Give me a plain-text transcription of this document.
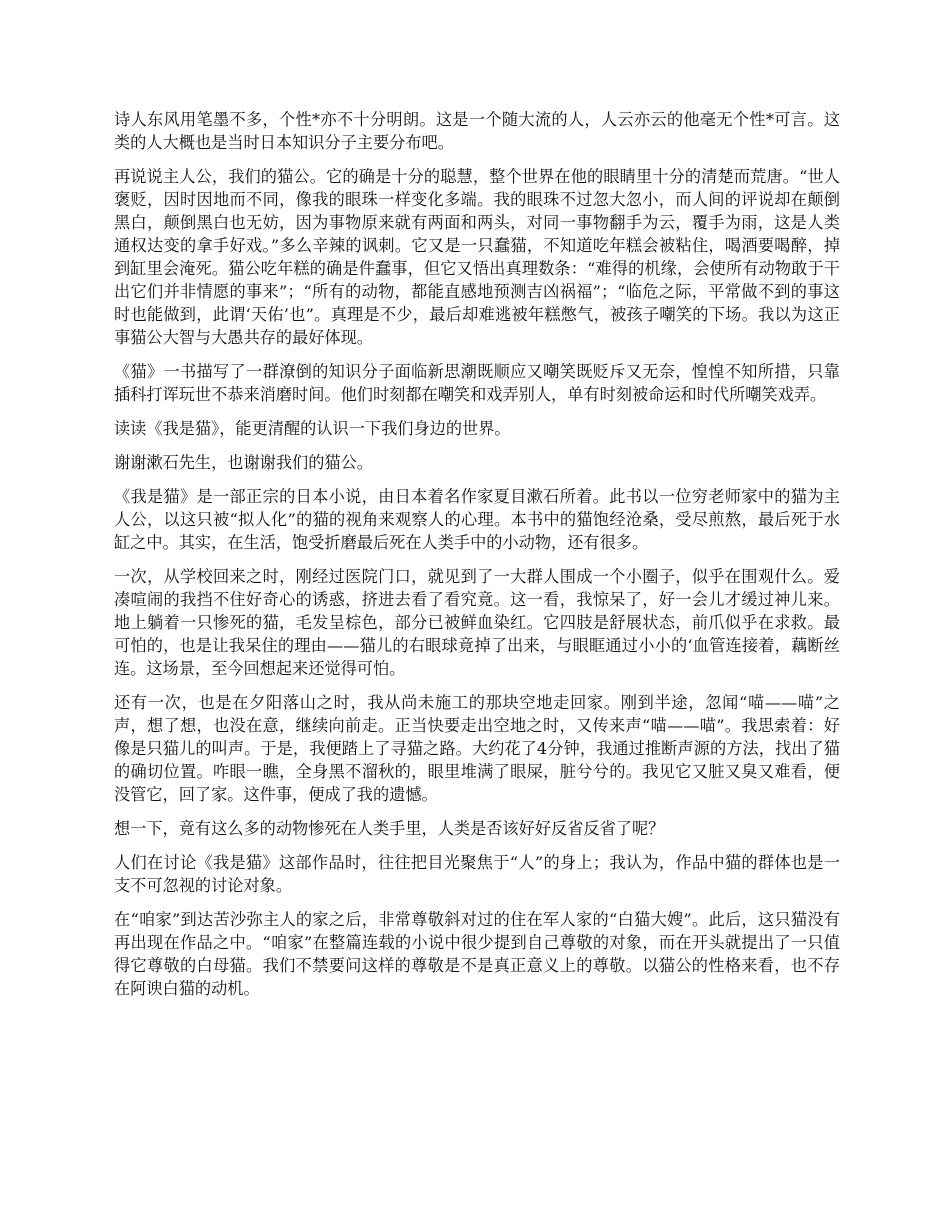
诗人东风用笔墨不多，个性*亦不十分明朗。这是一个随大流的人，人云亦云的他毫无个性*可言。这类的人大概也是当时日本知识分子主要分布吧。

再说说主人公，我们的猫公。它的确是十分的聪慧，整个世界在他的眼睛里十分的清楚而荒唐。“世人褒贬，因时因地而不同，像我的眼珠一样变化多端。我的眼珠不过忽大忽小，而人间的评说却在颠倒黑白，颠倒黑白也无妨，因为事物原来就有两面和两头，对同一事物翻手为云，覆手为雨，这是人类通权达变的拿手好戏。”多么辛辣的讽刺。它又是一只蠢猫，不知道吃年糕会被粘住，喝酒要喝醉，掉到缸里会淹死。猫公吃年糕的确是件蠢事，但它又悟出真理数条：“难得的机缘，会使所有动物敢于干出它们并非情愿的事来”；“所有的动物，都能直感地预测吉凶祸福”；“临危之际，平常做不到的事这时也能做到，此谓‘天佑’也”。真理是不少，最后却难逃被年糕憋气，被孩子嘲笑的下场。我以为这正事猫公大智与大愚共存的最好体现。

《猫》一书描写了一群潦倒的知识分子面临新思潮既顺应又嘲笑既贬斥又无奈，惶惶不知所措，只靠插科打诨玩世不恭来消磨时间。他们时刻都在嘲笑和戏弄别人，单有时刻被命运和时代所嘲笑戏弄。

读读《我是猫》，能更清醒的认识一下我们身边的世界。

谢谢漱石先生，也谢谢我们的猫公。

《我是猫》是一部正宗的日本小说，由日本着名作家夏目漱石所着。此书以一位穷老师家中的猫为主人公，以这只被“拟人化”的猫的视角来观察人的心理。本书中的猫饱经沧桑，受尽煎熬，最后死于水缸之中。其实，在生活，饱受折磨最后死在人类手中的小动物，还有很多。

一次，从学校回来之时，刚经过医院门口，就见到了一大群人围成一个小圈子，似乎在围观什么。爱凑喧闹的我挡不住好奇心的诱惑，挤进去看了看究竟。这一看，我惊呆了，好一会儿才缓过神儿来。地上躺着一只惨死的猫，毛发呈棕色，部分已被鲜血染红。它四肢是舒展状态，前爪似乎在求救。最可怕的，也是让我呆住的理由——猫儿的右眼球竟掉了出来，与眼眶通过小小的‘血管连接着，藕断丝连。这场景，至今回想起来还觉得可怕。

还有一次，也是在夕阳落山之时，我从尚未施工的那块空地走回家。刚到半途，忽闻“喵——喵”之声，想了想，也没在意，继续向前走。正当快要走出空地之时，又传来声“喵——喵”。我思索着：好像是只猫儿的叫声。于是，我便踏上了寻猫之路。大约花了4分钟，我通过推断声源的方法，找出了猫的确切位置。咋眼一瞧，全身黑不溜秋的，眼里堆满了眼屎，脏兮兮的。我见它又脏又臭又难看，便没管它，回了家。这件事，便成了我的遗憾。

想一下，竟有这么多的动物惨死在人类手里，人类是否该好好反省反省了呢？

人们在讨论《我是猫》这部作品时，往往把目光聚焦于“人”的身上；我认为，作品中猫的群体也是一支不可忽视的讨论对象。

在“咱家”到达苦沙弥主人的家之后，非常尊敬斜对过的住在军人家的“白猫大嫂”。此后，这只猫没有再出现在作品之中。“咱家”在整篇连载的小说中很少提到自己尊敬的对象，而在开头就提出了一只值得它尊敬的白母猫。我们不禁要问这样的尊敬是不是真正意义上的尊敬。以猫公的性格来看，也不存在阿谀白猫的动机。
